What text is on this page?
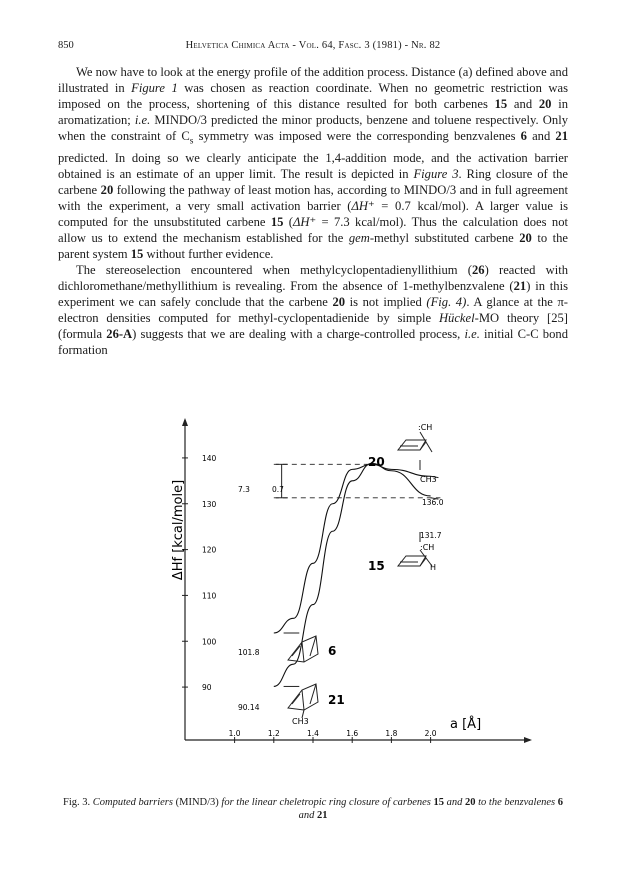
850	Helvetica Chimica Acta - Vol. 64, Fasc. 3 (1981) - Nr. 82

We now have to look at the energy profile of the addition process. Distance (a) defined above and illustrated in Figure 1 was chosen as reaction coordinate. When no geometric restriction was imposed on the process, shortening of this distance resulted for both carbenes 15 and 20 in aromatization; i.e. MINDO/3 predicted the minor products, benzene and toluene respectively. Only when the constraint of $C_s$ symmetry was imposed were the corresponding benzvalenes 6 and 21 predicted. In doing so we clearly anticipate the 1,4-addition mode, and the activation barrier obtained is an estimate of an upper limit. The result is depicted in Figure 3. Ring closure of the carbene 20 following the pathway of least motion has, according to MINDO/3 and in full agreement with the experiment, a very small activation barrier (ΔH⁺ = 0.7 kcal/mol). A larger value is computed for the unsubstituted carbene 15 (ΔH⁺ = 7.3 kcal/mol). Thus the calculation does not allow us to extend the mechanism established for the gem-methyl substituted carbene 20 to the parent system 15 without further evidence.

The stereoselection encountered when methylcyclopentadienyllithium (26) reacted with dichloromethane/methyllithium is revealing. From the absence of 1-methylbenzvalene (21) in this experiment we can safely conclude that the carbene 20 is not implied (Fig. 4). A glance at the π-electron densities computed for methyl-cyclopentadienide by simple Hückel-MO theory [25] (formula 26-A) suggests that we are dealing with a charge-controlled process, i.e. initial C-C bond formation

140
130
120
110
100
90
1.0	1.2	1.4	1.6	1.8	2.0
ΔHf [kcal/mole]
a [Å]
101.8
90.14
136.0
131.7
7.3	0.7
:CH
20
CH3
:CH
15	H
6
21
CH3
Fig. 3. Computed barriers (MIND/3) for the linear cheletropic ring closure of carbenes 15 and 20 to the benzvalenes 6 and 21
